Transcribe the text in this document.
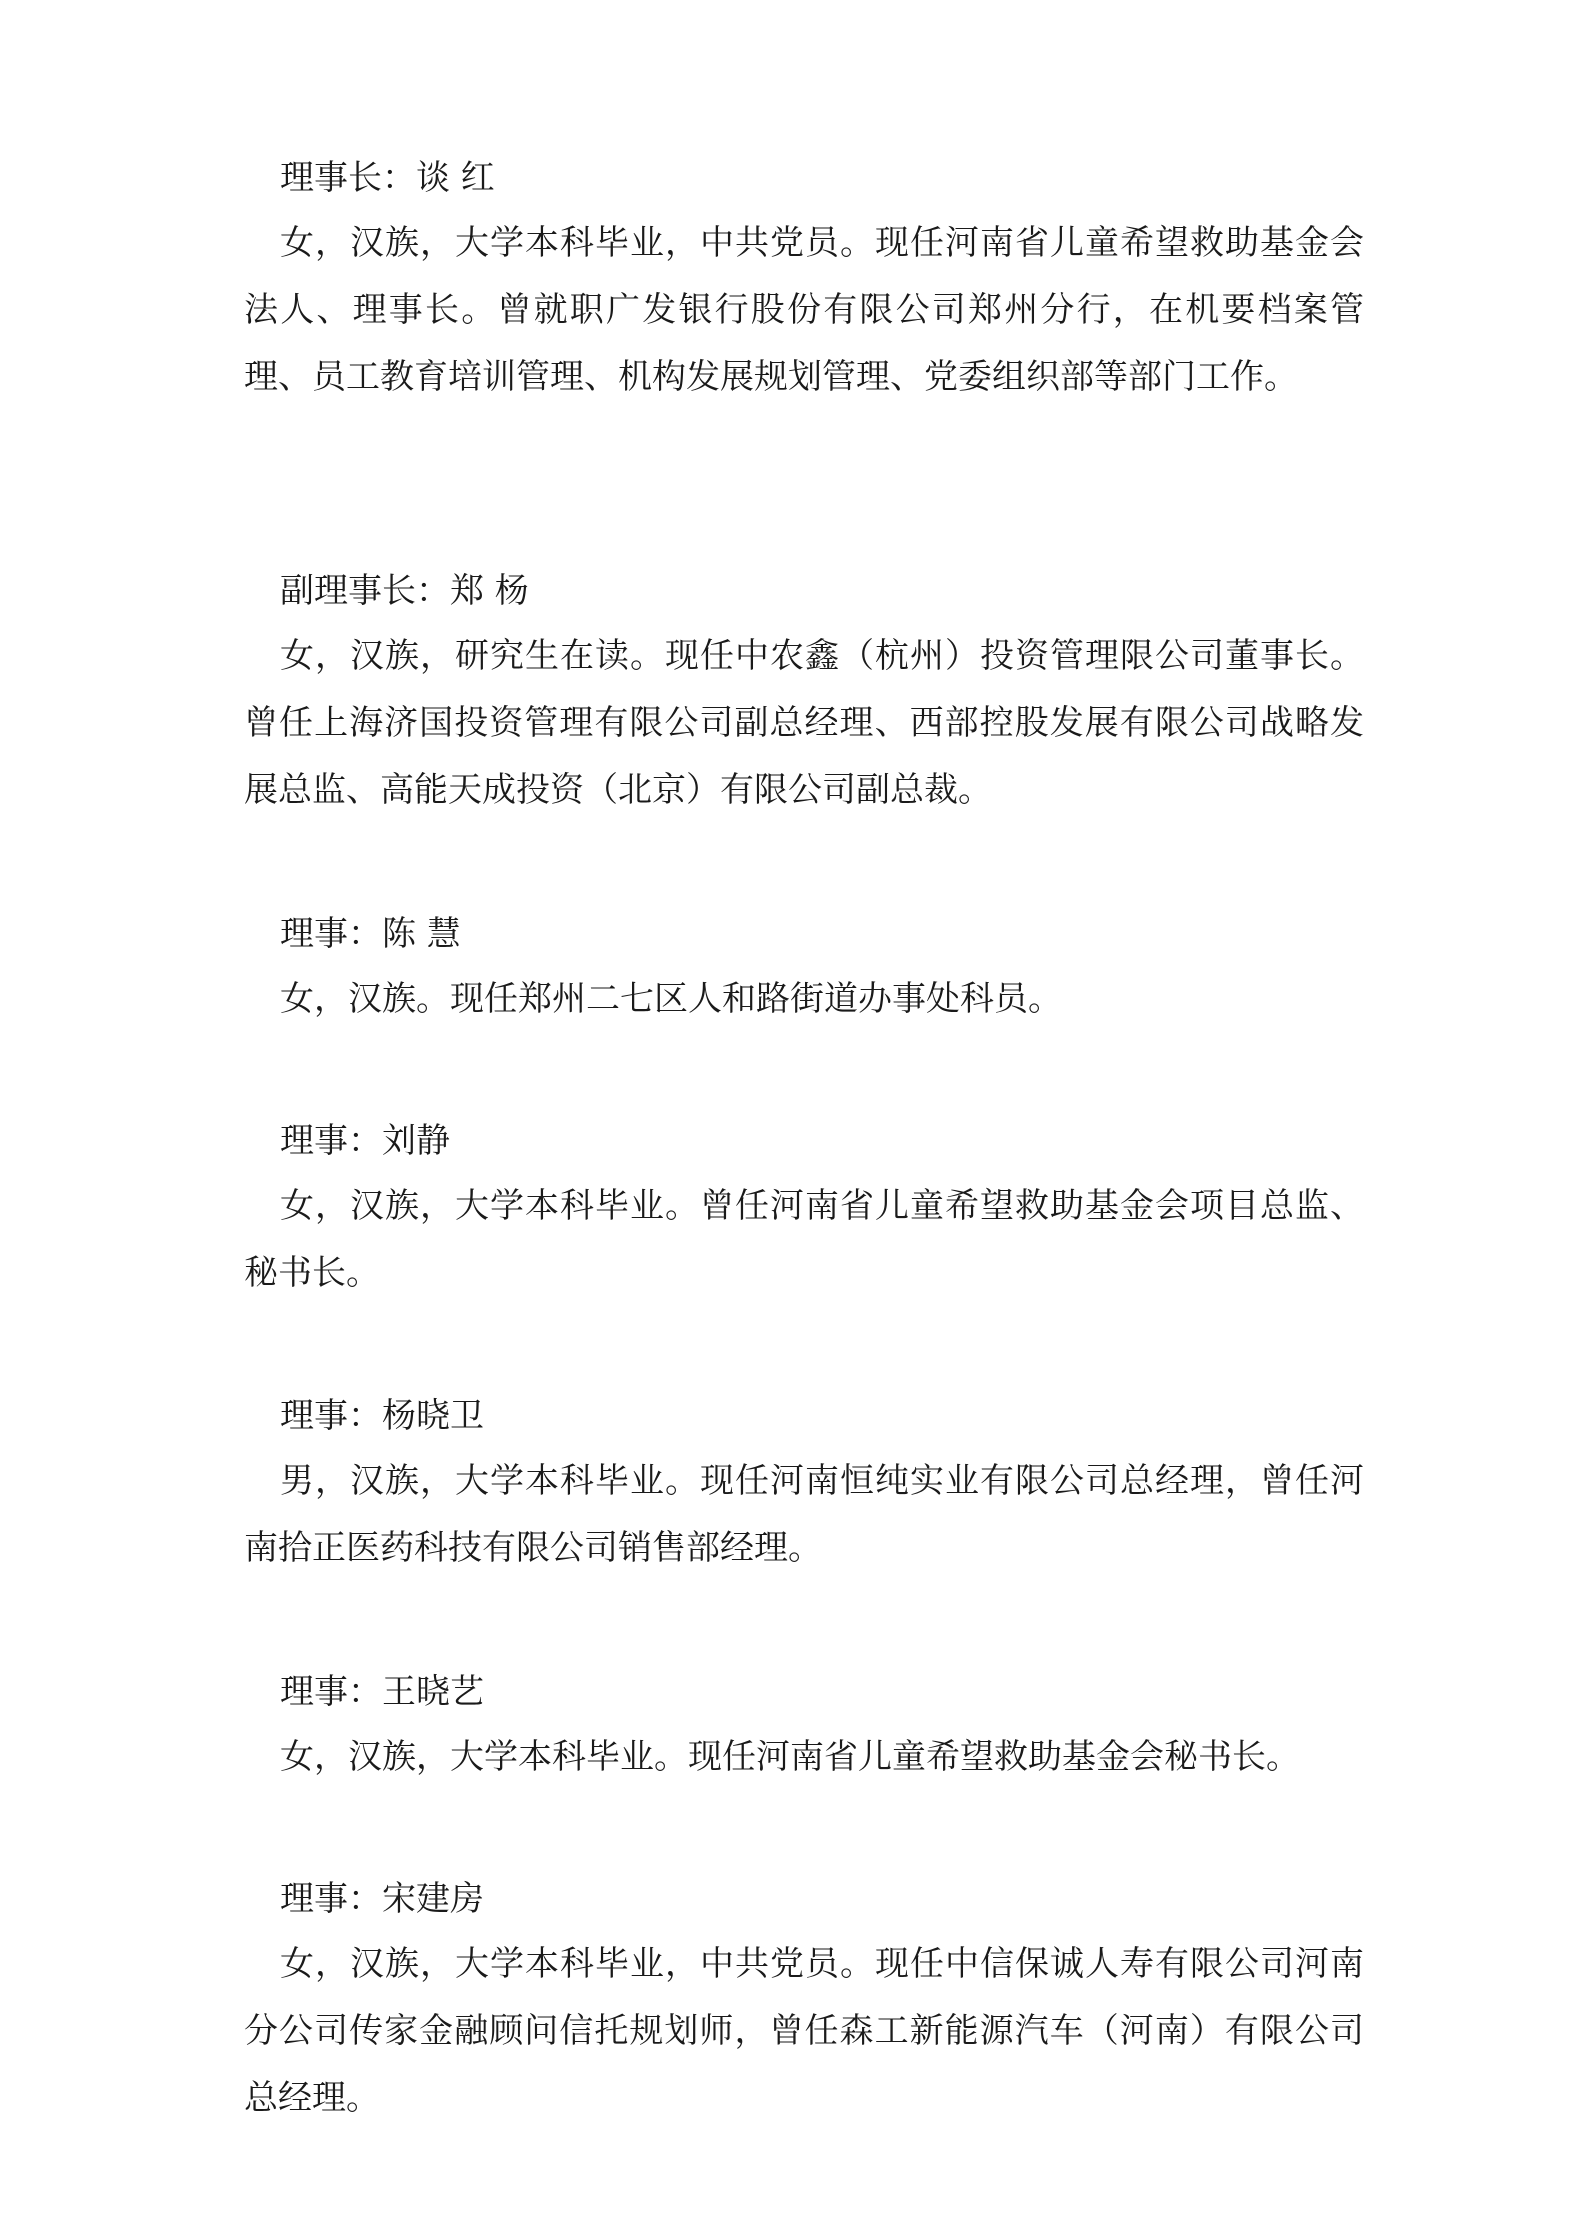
理事长：谈 红

女，汉族，大学本科毕业，中共党员。现任河南省儿童希望救助基金会法人、理事长。曾就职广发银行股份有限公司郑州分行，在机要档案管理、员工教育培训管理、机构发展规划管理、党委组织部等部门工作。

副理事长：郑 杨

女，汉族，研究生在读。现任中农鑫（杭州）投资管理限公司董事长。曾任上海济国投资管理有限公司副总经理、西部控股发展有限公司战略发展总监、高能天成投资（北京）有限公司副总裁。

理事：陈 慧

女，汉族。现任郑州二七区人和路街道办事处科员。

理事：刘静

女，汉族，大学本科毕业。曾任河南省儿童希望救助基金会项目总监、秘书长。

理事：杨晓卫

男，汉族，大学本科毕业。现任河南恒纯实业有限公司总经理，曾任河南拾正医药科技有限公司销售部经理。

理事：王晓艺

女，汉族，大学本科毕业。现任河南省儿童希望救助基金会秘书长。

理事：宋建房

女，汉族，大学本科毕业，中共党员。现任中信保诚人寿有限公司河南分公司传家金融顾问信托规划师，曾任森工新能源汽车（河南）有限公司总经理。
